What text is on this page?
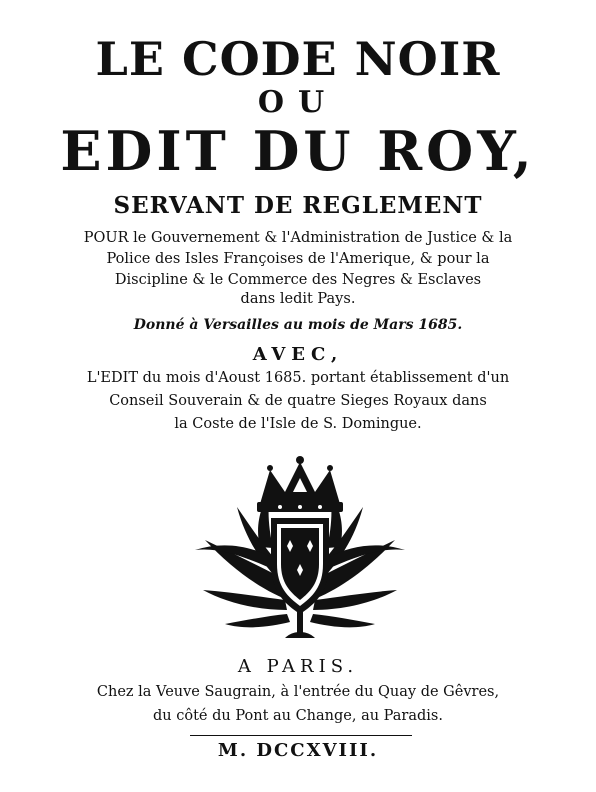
LE CODE NOIR
OU
EDIT DU ROY,
SERVANT DE REGLEMENT
POUR le Gouvernement & l'Administration de Justice & la
Police des Isles Françoises de l'Amerique, & pour la
Discipline & le Commerce des Negres & Esclaves
dans ledit Pays.
Donné à Versailles au mois de Mars 1685.
AVEC,
L'EDIT du mois d'Aoust 1685. portant établissement d'un
Conseil Souverain & de quatre Sieges Royaux dans
la Coste de l'Isle de S. Domingue.
A PARIS.
Chez la Veuve Saugrain, à l'entrée du Quay de Gêvres,
du côté du Pont au Change, au Paradis.
M. DCCXVIII.
